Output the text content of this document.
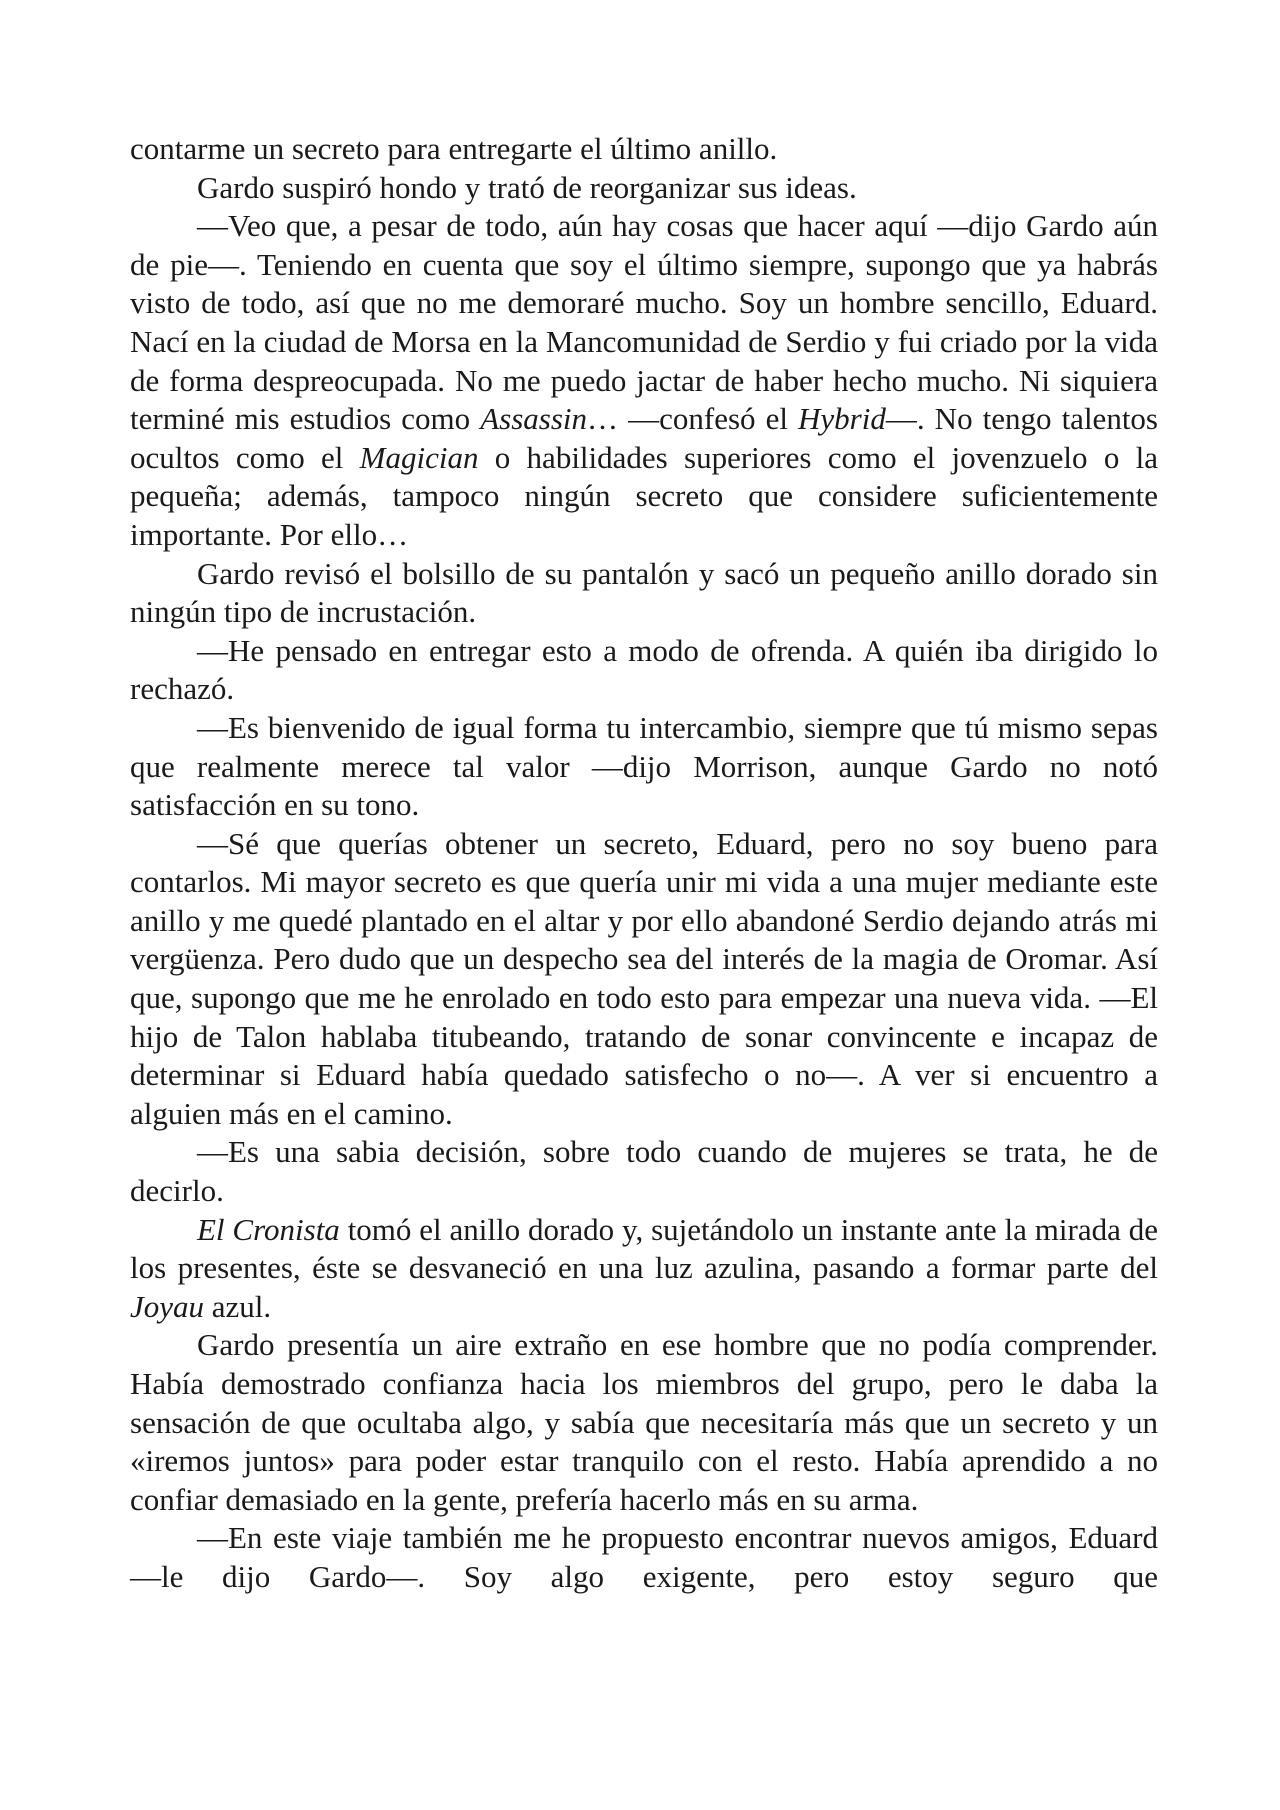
contarme un secreto para entregarte el último anillo.

Gardo suspiró hondo y trató de reorganizar sus ideas.

—Veo que, a pesar de todo, aún hay cosas que hacer aquí —dijo Gardo aún de pie—. Teniendo en cuenta que soy el último siempre, supongo que ya habrás visto de todo, así que no me demoraré mucho. Soy un hombre sencillo, Eduard. Nací en la ciudad de Morsa en la Mancomunidad de Serdio y fui criado por la vida de forma despreocupada. No me puedo jactar de haber hecho mucho. Ni siquiera terminé mis estudios como Assassin… —confesó el Hybrid—. No tengo talentos ocultos como el Magician o habilidades superiores como el jovenzuelo o la pequeña; además, tampoco ningún secreto que considere suficientemente importante. Por ello…

Gardo revisó el bolsillo de su pantalón y sacó un pequeño anillo dorado sin ningún tipo de incrustación.

—He pensado en entregar esto a modo de ofrenda. A quién iba dirigido lo rechazó.

—Es bienvenido de igual forma tu intercambio, siempre que tú mismo sepas que realmente merece tal valor —dijo Morrison, aunque Gardo no notó satisfacción en su tono.

—Sé que querías obtener un secreto, Eduard, pero no soy bueno para contarlos. Mi mayor secreto es que quería unir mi vida a una mujer mediante este anillo y me quedé plantado en el altar y por ello abandoné Serdio dejando atrás mi vergüenza. Pero dudo que un despecho sea del interés de la magia de Oromar. Así que, supongo que me he enrolado en todo esto para empezar una nueva vida. —El hijo de Talon hablaba titubeando, tratando de sonar convincente e incapaz de determinar si Eduard había quedado satisfecho o no—. A ver si encuentro a alguien más en el camino.

—Es una sabia decisión, sobre todo cuando de mujeres se trata, he de decirlo.

El Cronista tomó el anillo dorado y, sujetándolo un instante ante la mirada de los presentes, éste se desvaneció en una luz azulina, pasando a formar parte del Joyau azul.

Gardo presentía un aire extraño en ese hombre que no podía comprender. Había demostrado confianza hacia los miembros del grupo, pero le daba la sensación de que ocultaba algo, y sabía que necesitaría más que un secreto y un «iremos juntos» para poder estar tranquilo con el resto. Había aprendido a no confiar demasiado en la gente, prefería hacerlo más en su arma.

—En este viaje también me he propuesto encontrar nuevos amigos, Eduard —le dijo Gardo—. Soy algo exigente, pero estoy seguro que
